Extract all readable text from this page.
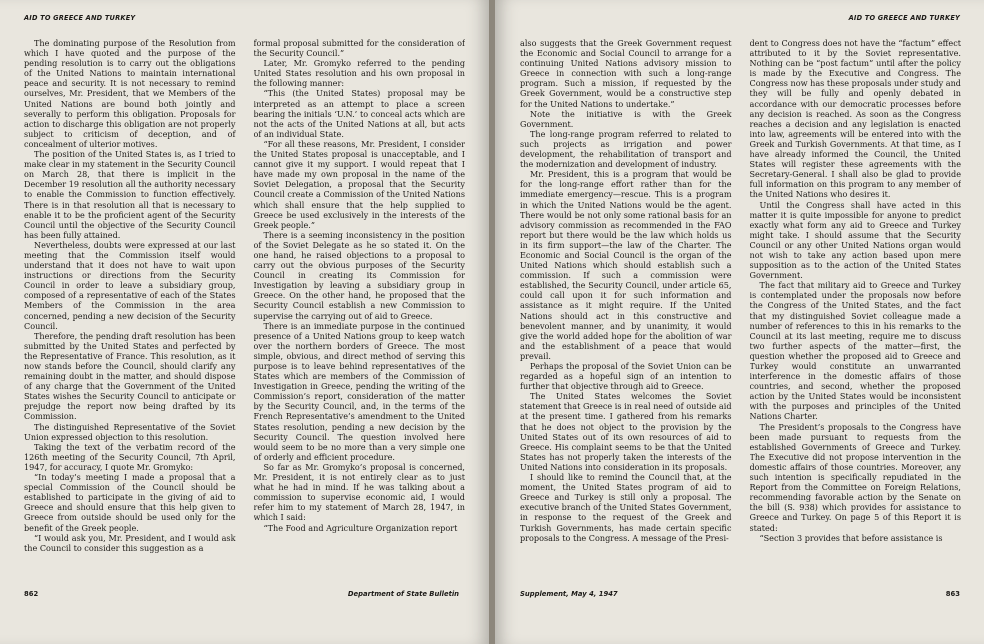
AID TO GREECE AND TURKEY

The dominating purpose of the Resolution from which I have quoted and the purpose of the pending resolution is to carry out the obligations of the United Nations to maintain international peace and security. It is not necessary to remind ourselves, Mr. President, that we Members of the United Nations are bound both jointly and severally to perform this obligation. Proposals for action to discharge this obligation are not properly subject to criticism of deception, and of concealment of ulterior motives.

The position of the United States is, as I tried to make clear in my statement in the Security Council on March 28, that there is implicit in the December 19 resolution all the authority necessary to enable the Commission to function effectively. There is in that resolution all that is necessary to enable it to be the proficient agent of the Security Council until the objective of the Security Council has been fully attained.

Nevertheless, doubts were expressed at our last meeting that the Commission itself would understand that it does not have to wait upon instructions or directions from the Security Council in order to leave a subsidiary group, composed of a representative of each of the States Members of the Commission in the area concerned, pending a new decision of the Security Council.

Therefore, the pending draft resolution has been submitted by the United States and perfected by the Representative of France. This resolution, as it now stands before the Council, should clarify any remaining doubt in the matter, and should dispose of any charge that the Government of the United States wishes the Security Council to anticipate or prejudge the report now being drafted by its Commission.

The distinguished Representative of the Soviet Union expressed objection to this resolution.

Taking the text of the verbatim record of the 126th meeting of the Security Council, 7th April, 1947, for accuracy, I quote Mr. Gromyko:

“In today’s meeting I made a proposal that a special Commission of the Council should be established to participate in the giving of aid to Greece and should ensure that this help given to Greece from outside should be used only for the benefit of the Greek people.

“I would ask you, Mr. President, and I would ask the Council to consider this suggestion as a

formal proposal submitted for the consideration of the Security Council.”

Later, Mr. Gromyko referred to the pending United States resolution and his own proposal in the following manner:

“This (the United States) proposal may be interpreted as an attempt to place a screen bearing the initials ‘U.N.’ to conceal acts which are not the acts of the United Nations at all, but acts of an individual State.

“For all these reasons, Mr. President, I consider the United States proposal is unacceptable, and I cannot give it my support. I would repeat that I have made my own proposal in the name of the Soviet Delegation, a proposal that the Security Council create a Commission of the United Nations which shall ensure that the help supplied to Greece be used exclusively in the interests of the Greek people.”

There is a seeming inconsistency in the position of the Soviet Delegate as he so stated it. On the one hand, he raised objections to a proposal to carry out the obvious purposes of the Security Council in creating its Commission for Investigation by leaving a subsidiary group in Greece. On the other hand, he proposed that the Security Council establish a new Commission to supervise the carrying out of aid to Greece.

There is an immediate purpose in the continued presence of a United Nations group to keep watch over the northern borders of Greece. The most simple, obvious, and direct method of serving this purpose is to leave behind representatives of the States which are members of the Commission of Investigation in Greece, pending the writing of the Commission’s report, consideration of the matter by the Security Council, and, in the terms of the French Representative’s amendment to the United States resolution, pending a new decision by the Security Council. The question involved here would seem to be no more than a very simple one of orderly and efficient procedure.

So far as Mr. Gromyko’s proposal is concerned, Mr. President, it is not entirely clear as to just what he had in mind. If he was talking about a commission to supervise economic aid, I would refer him to my statement of March 28, 1947, in which I said:

“The Food and Agriculture Organization report

862	Department of State Bulletin
AID TO GREECE AND TURKEY

also suggests that the Greek Government request the Economic and Social Council to arrange for a continuing United Nations advisory mission to Greece in connection with such a long-range program. Such a mission, if requested by the Greek Government, would be a constructive step for the United Nations to undertake.”

Note the initiative is with the Greek Government.

The long-range program referred to related to such projects as irrigation and power development, the rehabilitation of transport and the modernization and development of industry.

Mr. President, this is a program that would be for the long-range effort rather than for the immediate emergency—rescue. This is a program in which the United Nations would be the agent. There would be not only some rational basis for an advisory commission as recommended in the FAO report but there would be the law which holds us in its firm support—the law of the Charter. The Economic and Social Council is the organ of the United Nations which should establish such a commission. If such a commission were established, the Security Council, under article 65, could call upon it for such information and assistance as it might require. If the United Nations should act in this constructive and benevolent manner, and by unanimity, it would give the world added hope for the abolition of war and the establishment of a peace that would prevail.

Perhaps the proposal of the Soviet Union can be regarded as a hopeful sign of an intention to further that objective through aid to Greece.

The United States welcomes the Soviet statement that Greece is in real need of outside aid at the present time. I gathered from his remarks that he does not object to the provision by the United States out of its own resources of aid to Greece. His complaint seems to be that the United States has not properly taken the interests of the United Nations into consideration in its proposals.

I should like to remind the Council that, at the moment, the United States program of aid to Greece and Turkey is still only a proposal. The executive branch of the United States Government, in response to the request of the Greek and Turkish Governments, has made certain specific proposals to the Congress. A message of the Presi-

dent to Congress does not have the “factum” effect attributed to it by the Soviet representative. Nothing can be “post factum” until after the policy is made by the Executive and Congress. The Congress now has these proposals under study and they will be fully and openly debated in accordance with our democratic processes before any decision is reached. As soon as the Congress reaches a decision and any legislation is enacted into law, agreements will be entered into with the Greek and Turkish Governments. At that time, as I have already informed the Council, the United States will register these agreements with the Secretary-General. I shall also be glad to provide full information on this program to any member of the United Nations who desires it.

Until the Congress shall have acted in this matter it is quite impossible for anyone to predict exactly what form any aid to Greece and Turkey might take. I should assume that the Security Council or any other United Nations organ would not wish to take any action based upon mere supposition as to the action of the United States Government.

The fact that military aid to Greece and Turkey is contemplated under the proposals now before the Congress of the United States, and the fact that my distinguished Soviet colleague made a number of references to this in his remarks to the Council at its last meeting, require me to discuss two further aspects of the matter—first, the question whether the proposed aid to Greece and Turkey would constitute an unwarranted interference in the domestic affairs of those countries, and second, whether the proposed action by the United States would be inconsistent with the purposes and principles of the United Nations Charter.

The President’s proposals to the Congress have been made pursuant to requests from the established Governments of Greece and Turkey. The Executive did not propose intervention in the domestic affairs of those countries. Moreover, any such intention is specifically repudiated in the Report from the Committee on Foreign Relations, recommending favorable action by the Senate on the bill (S. 938) which provides for assistance to Greece and Turkey. On page 5 of this Report it is stated:

“Section 3 provides that before assistance is

Supplement, May 4, 1947	863
